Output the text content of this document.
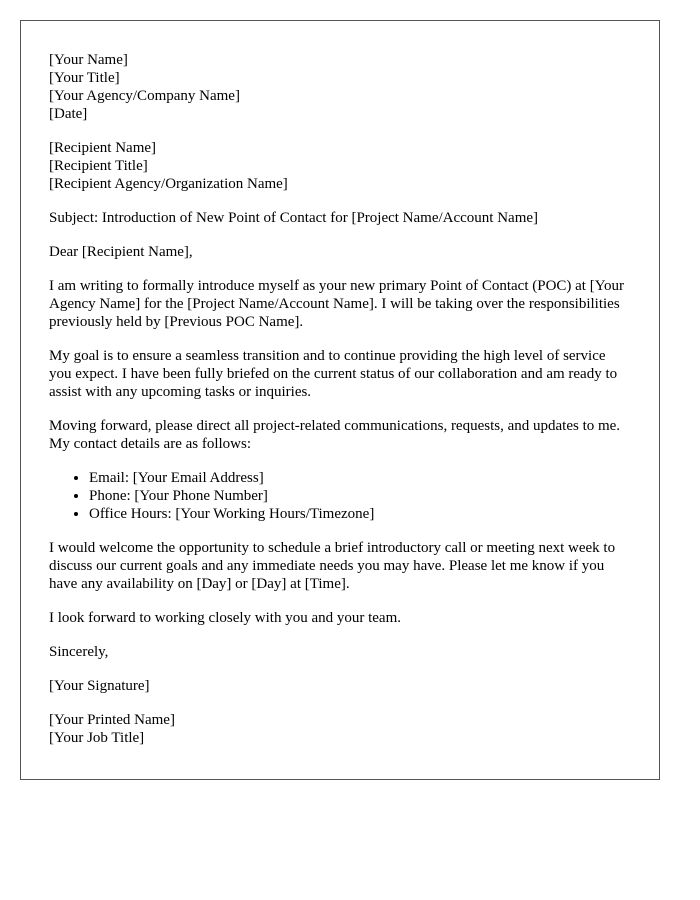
[Your Name]
[Your Title]
[Your Agency/Company Name]
[Date]
[Recipient Name]
[Recipient Title]
[Recipient Agency/Organization Name]

Subject: Introduction of New Point of Contact for [Project Name/Account Name]

Dear [Recipient Name],

I am writing to formally introduce myself as your new primary Point of Contact (POC) at [Your Agency Name] for the [Project Name/Account Name]. I will be taking over the responsibilities previously held by [Previous POC Name].

My goal is to ensure a seamless transition and to continue providing the high level of service you expect. I have been fully briefed on the current status of our collaboration and am ready to assist with any upcoming tasks or inquiries.

Moving forward, please direct all project-related communications, requests, and updates to me. My contact details are as follows:

• Email: [Your Email Address]
• Phone: [Your Phone Number]
• Office Hours: [Your Working Hours/Timezone]

I would welcome the opportunity to schedule a brief introductory call or meeting next week to discuss our current goals and any immediate needs you may have. Please let me know if you have any availability on [Day] or [Day] at [Time].

I look forward to working closely with you and your team.

Sincerely,

[Your Signature]

[Your Printed Name]
[Your Job Title]
